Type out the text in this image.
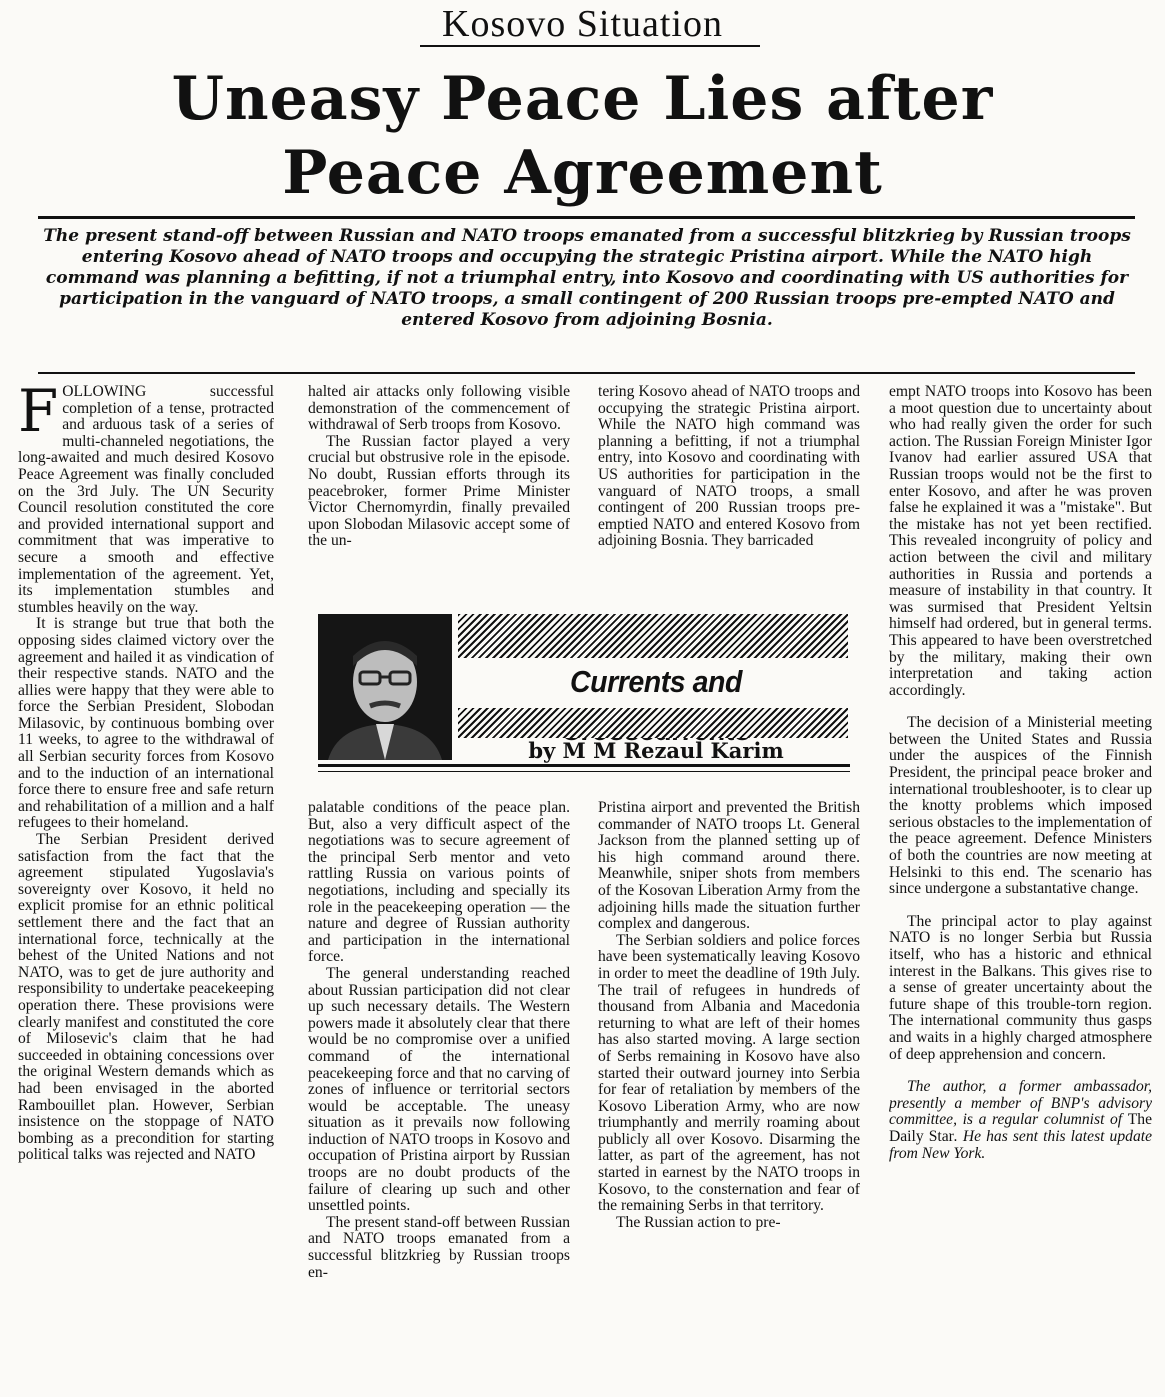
Kosovo Situation
Uneasy Peace Lies after
Peace Agreement
The present stand-off between Russian and NATO troops emanated from a successful blitzkrieg by Russian troops entering Kosovo ahead of NATO troops and occupying the strategic Pristina airport. While the NATO high command was planning a befitting, if not a triumphal entry, into Kosovo and coordinating with US authorities for participation in the vanguard of NATO troops, a small contingent of 200 Russian troops pre-empted NATO and entered Kosovo from adjoining Bosnia.

FOLLOWING successful completion of a tense, protracted and arduous task of a series of multi-channeled negotiations, the long-awaited and much desired Kosovo Peace Agreement was finally concluded on the 3rd July. The UN Security Council resolution constituted the core and provided international support and commitment that was imperative to secure a smooth and effective implementation of the agreement. Yet, its implementation stumbles and stumbles heavily on the way.

It is strange but true that both the opposing sides claimed victory over the agreement and hailed it as vindication of their respective stands. NATO and the allies were happy that they were able to force the Serbian President, Slobodan Milasovic, by continuous bombing over 11 weeks, to agree to the withdrawal of all Serbian security forces from Kosovo and to the induction of an international force there to ensure free and safe return and rehabilitation of a million and a half refugees to their homeland.

The Serbian President derived satisfaction from the fact that the agreement stipulated Yugoslavia's sovereignty over Kosovo, it held no explicit promise for an ethnic political settlement there and the fact that an international force, technically at the behest of the United Nations and not NATO, was to get de jure authority and responsibility to undertake peacekeeping operation there. These provisions were clearly manifest and constituted the core of Milosevic's claim that he had succeeded in obtaining concessions over the original Western demands which as had been envisaged in the aborted Rambouillet plan. However, Serbian insistence on the stoppage of NATO bombing as a precondition for starting political talks was rejected and NATO

halted air attacks only following visible demonstration of the commencement of withdrawal of Serb troops from Kosovo.

The Russian factor played a very crucial but obstrusive role in the episode. No doubt, Russian efforts through its peacebroker, former Prime Minister Victor Chernomyrdin, finally prevailed upon Slobodan Milasovic accept some of the un-

tering Kosovo ahead of NATO troops and occupying the strategic Pristina airport. While the NATO high command was planning a befitting, if not a triumphal entry, into Kosovo and coordinating with US authorities for participation in the vanguard of NATO troops, a small contingent of 200 Russian troops pre-emptied NATO and entered Kosovo from adjoining Bosnia. They barricaded

Currents and
by M M Rezaul Karim

palatable conditions of the peace plan. But, also a very difficult aspect of the negotiations was to secure agreement of the principal Serb mentor and veto rattling Russia on various points of negotiations, including and specially its role in the peacekeeping operation — the nature and degree of Russian authority and participation in the international force.

The general understanding reached about Russian participation did not clear up such necessary details. The Western powers made it absolutely clear that there would be no compromise over a unified command of the international peacekeeping force and that no carving of zones of influence or territorial sectors would be acceptable. The uneasy situation as it prevails now following induction of NATO troops in Kosovo and occupation of Pristina airport by Russian troops are no doubt products of the failure of clearing up such and other unsettled points.

The present stand-off between Russian and NATO troops emanated from a successful blitzkrieg by Russian troops en-

Pristina airport and prevented the British commander of NATO troops Lt. General Jackson from the planned setting up of his high command around there. Meanwhile, sniper shots from members of the Kosovan Liberation Army from the adjoining hills made the situation further complex and dangerous.

The Serbian soldiers and police forces have been systematically leaving Kosovo in order to meet the deadline of 19th July. The trail of refugees in hundreds of thousand from Albania and Macedonia returning to what are left of their homes has also started moving. A large section of Serbs remaining in Kosovo have also started their outward journey into Serbia for fear of retaliation by members of the Kosovo Liberation Army, who are now triumphantly and merrily roaming about publicly all over Kosovo. Disarming the latter, as part of the agreement, has not started in earnest by the NATO troops in Kosovo, to the consternation and fear of the remaining Serbs in that territory.

The Russian action to pre-

empt NATO troops into Kosovo has been a moot question due to uncertainty about who had really given the order for such action. The Russian Foreign Minister Igor Ivanov had earlier assured USA that Russian troops would not be the first to enter Kosovo, and after he was proven false he explained it was a "mistake". But the mistake has not yet been rectified. This revealed incongruity of policy and action between the civil and military authorities in Russia and portends a measure of instability in that country. It was surmised that President Yeltsin himself had ordered, but in general terms. This appeared to have been overstretched by the military, making their own interpretation and taking action accordingly.

The decision of a Ministerial meeting between the United States and Russia under the auspices of the Finnish President, the principal peace broker and international troubleshooter, is to clear up the knotty problems which imposed serious obstacles to the implementation of the peace agreement. Defence Ministers of both the countries are now meeting at Helsinki to this end. The scenario has since undergone a substantative change.

The principal actor to play against NATO is no longer Serbia but Russia itself, who has a historic and ethnical interest in the Balkans. This gives rise to a sense of greater uncertainty about the future shape of this trouble-torn region. The international community thus gasps and waits in a highly charged atmosphere of deep apprehension and concern.

The author, a former ambassador, presently a member of BNP's advisory committee, is a regular columnist of The Daily Star. He has sent this latest update from New York.
